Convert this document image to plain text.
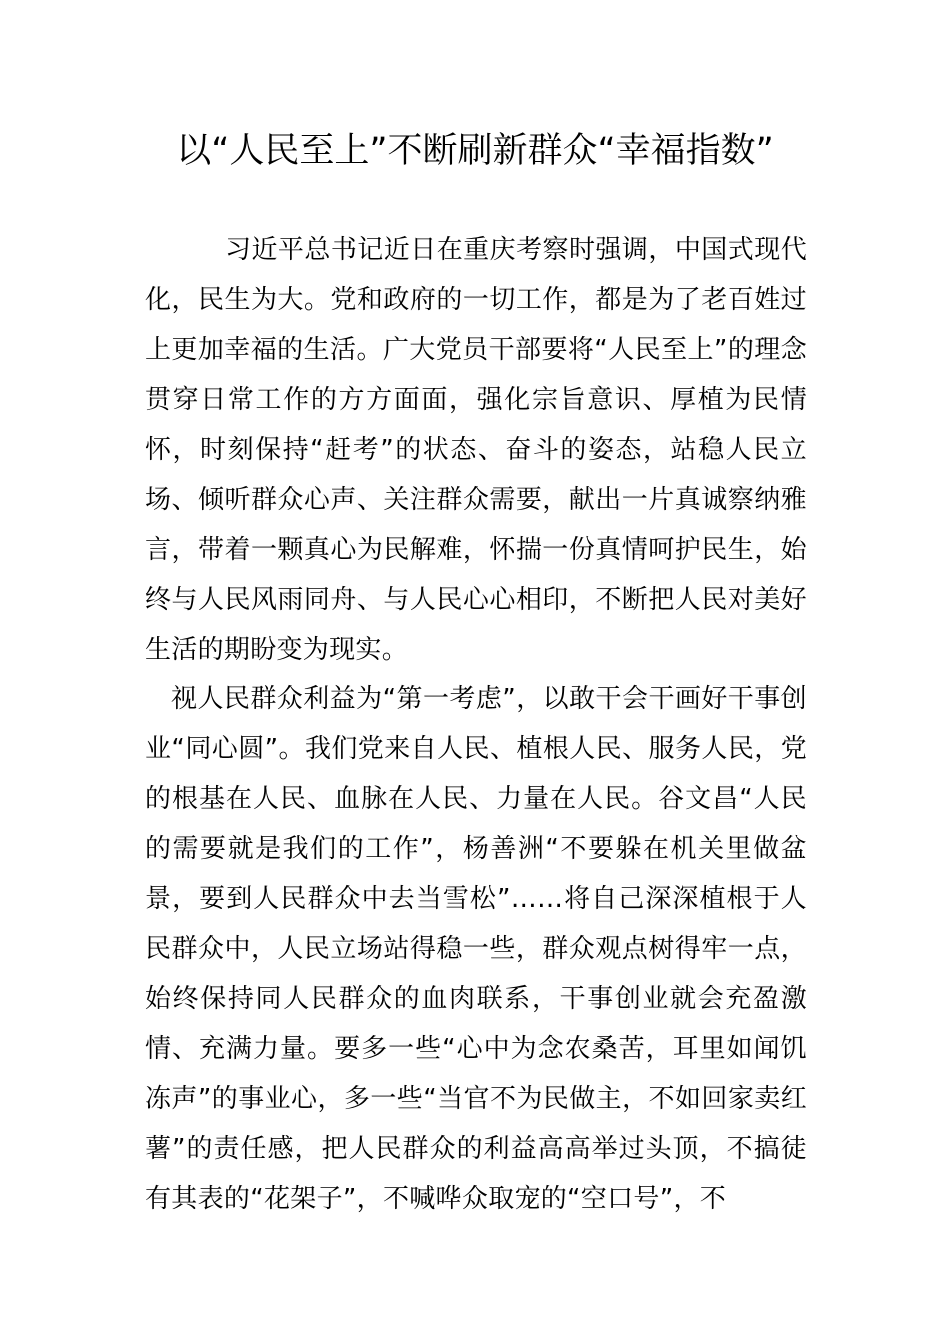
以“人民至上”不断刷新群众“幸福指数”

习近平总书记近日在重庆考察时强调，中国式现代化，民生为大。党和政府的一切工作，都是为了老百姓过上更加幸福的生活。广大党员干部要将“人民至上”的理念贯穿日常工作的方方面面，强化宗旨意识、厚植为民情怀，时刻保持“赶考”的状态、奋斗的姿态，站稳人民立场、倾听群众心声、关注群众需要，献出一片真诚察纳雅言，带着一颗真心为民解难，怀揣一份真情呵护民生，始终与人民风雨同舟、与人民心心相印，不断把人民对美好生活的期盼变为现实。

视人民群众利益为“第一考虑”，以敢干会干画好干事创业“同心圆”。我们党来自人民、植根人民、服务人民，党的根基在人民、血脉在人民、力量在人民。谷文昌“人民的需要就是我们的工作”，杨善洲“不要躲在机关里做盆景，要到人民群众中去当雪松”……将自己深深植根于人民群众中，人民立场站得稳一些，群众观点树得牢一点，始终保持同人民群众的血肉联系，干事创业就会充盈激情、充满力量。要多一些“心中为念农桑苦，耳里如闻饥冻声”的事业心，多一些“当官不为民做主，不如回家卖红薯”的责任感，把人民群众的利益高高举过头顶，不搞徒有其表的“花架子”，不喊哗众取宠的“空口号”，不
